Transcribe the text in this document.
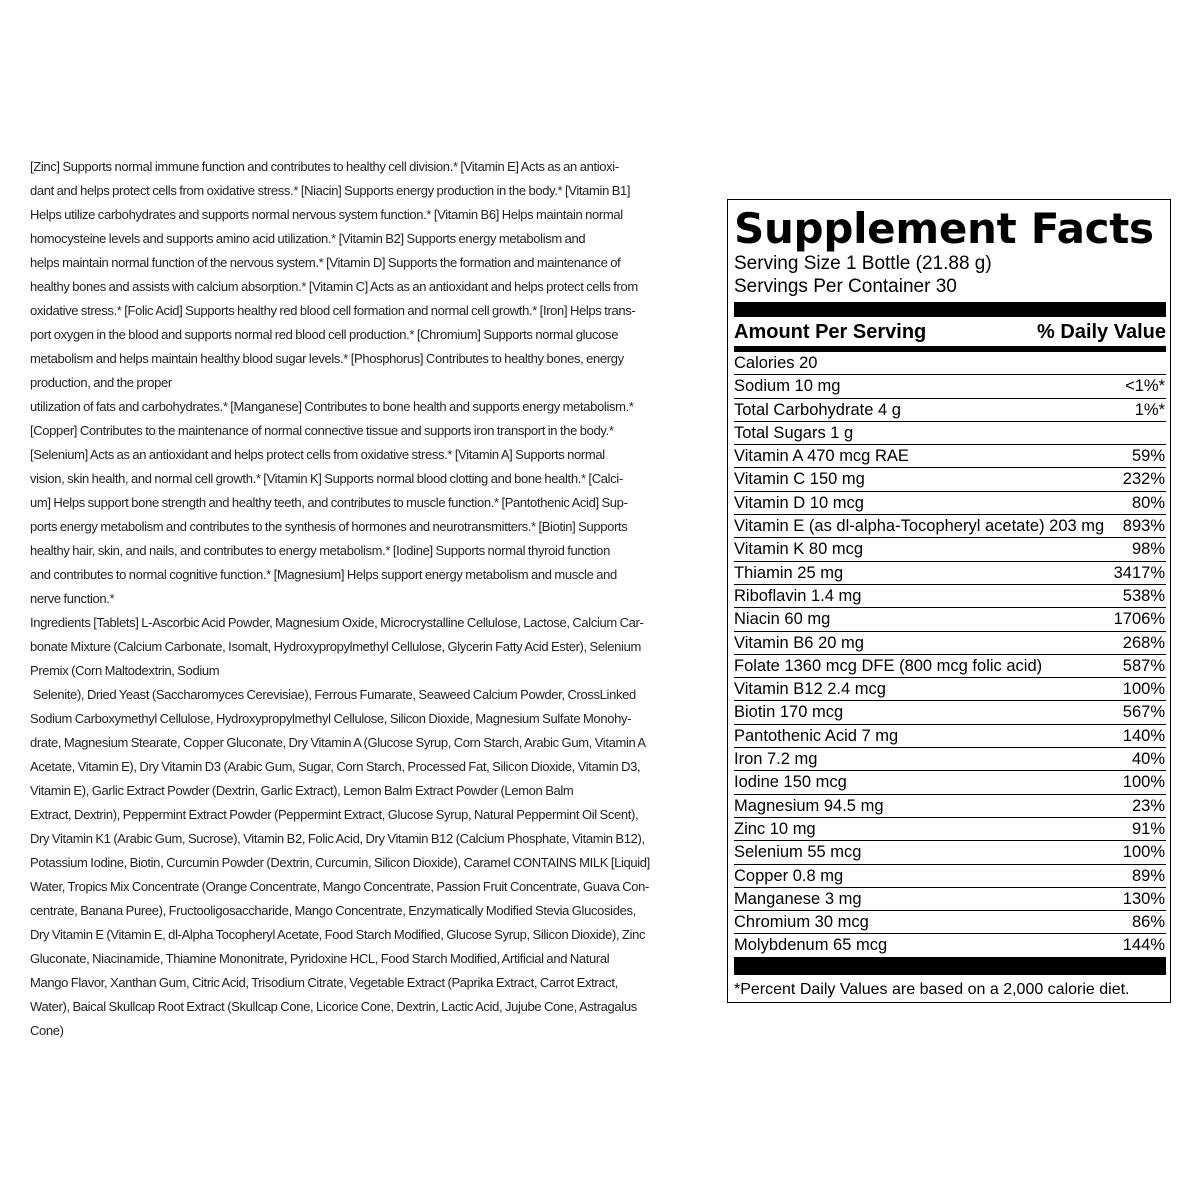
[Zinc] Supports normal immune function and contributes to healthy cell division.* [Vitamin E] Acts as an antioxi-

dant and helps protect cells from oxidative stress.* [Niacin] Supports energy production in the body.* [Vitamin B1]

Helps utilize carbohydrates and supports normal nervous system function.* [Vitamin B6] Helps maintain normal

homocysteine levels and supports amino acid utilization.* [Vitamin B2] Supports energy metabolism and

helps maintain normal function of the nervous system.* [Vitamin D] Supports the formation and maintenance of

healthy bones and assists with calcium absorption.* [Vitamin C] Acts as an antioxidant and helps protect cells from

oxidative stress.* [Folic Acid] Supports healthy red blood cell formation and normal cell growth.* [Iron] Helps trans-

port oxygen in the blood and supports normal red blood cell production.* [Chromium] Supports normal glucose

metabolism and helps maintain healthy blood sugar levels.* [Phosphorus] Contributes to healthy bones, energy

production, and the proper

utilization of fats and carbohydrates.* [Manganese] Contributes to bone health and supports energy metabolism.*

[Copper] Contributes to the maintenance of normal connective tissue and supports iron transport in the body.*

[Selenium] Acts as an antioxidant and helps protect cells from oxidative stress.* [Vitamin A] Supports normal

vision, skin health, and normal cell growth.* [Vitamin K] Supports normal blood clotting and bone health.* [Calci-

um] Helps support bone strength and healthy teeth, and contributes to muscle function.* [Pantothenic Acid] Sup-

ports energy metabolism and contributes to the synthesis of hormones and neurotransmitters.* [Biotin] Supports

healthy hair, skin, and nails, and contributes to energy metabolism.* [Iodine] Supports normal thyroid function

and contributes to normal cognitive function.* [Magnesium] Helps support energy metabolism and muscle and

nerve function.*

Ingredients [Tablets] L-Ascorbic Acid Powder, Magnesium Oxide, Microcrystalline Cellulose, Lactose, Calcium Car-

bonate Mixture (Calcium Carbonate, Isomalt, Hydroxypropylmethyl Cellulose, Glycerin Fatty Acid Ester), Selenium

Premix (Corn Maltodextrin, Sodium

Selenite), Dried Yeast (Saccharomyces Cerevisiae), Ferrous Fumarate, Seaweed Calcium Powder, CrossLinked

Sodium Carboxymethyl Cellulose, Hydroxypropylmethyl Cellulose, Silicon Dioxide, Magnesium Sulfate Monohy-

drate, Magnesium Stearate, Copper Gluconate, Dry Vitamin A (Glucose Syrup, Corn Starch, Arabic Gum, Vitamin A

Acetate, Vitamin E), Dry Vitamin D3 (Arabic Gum, Sugar, Corn Starch, Processed Fat, Silicon Dioxide, Vitamin D3,

Vitamin E), Garlic Extract Powder (Dextrin, Garlic Extract), Lemon Balm Extract Powder (Lemon Balm

Extract, Dextrin), Peppermint Extract Powder (Peppermint Extract, Glucose Syrup, Natural Peppermint Oil Scent),

Dry Vitamin K1 (Arabic Gum, Sucrose), Vitamin B2, Folic Acid, Dry Vitamin B12 (Calcium Phosphate, Vitamin B12),

Potassium Iodine, Biotin, Curcumin Powder (Dextrin, Curcumin, Silicon Dioxide), Caramel CONTAINS MILK [Liquid]

Water, Tropics Mix Concentrate (Orange Concentrate, Mango Concentrate, Passion Fruit Concentrate, Guava Con-

centrate, Banana Puree), Fructooligosaccharide, Mango Concentrate, Enzymatically Modified Stevia Glucosides,

Dry Vitamin E (Vitamin E, dl-Alpha Tocopheryl Acetate, Food Starch Modified, Glucose Syrup, Silicon Dioxide), Zinc

Gluconate, Niacinamide, Thiamine Mononitrate, Pyridoxine HCL, Food Starch Modified, Artificial and Natural

Mango Flavor, Xanthan Gum, Citric Acid, Trisodium Citrate, Vegetable Extract (Paprika Extract, Carrot Extract,

Water), Baical Skullcap Root Extract (Skullcap Cone, Licorice Cone, Dextrin, Lactic Acid, Jujube Cone, Astragalus

Cone)

Supplement Facts
Serving Size 1 Bottle (21.88 g)
Servings Per Container 30
Amount Per Serving	% Daily Value
Calories 20
Sodium 10 mg	<1%*
Total Carbohydrate 4 g	1%*
Total Sugars 1 g
Vitamin A 470 mcg RAE	59%
Vitamin C 150 mg	232%
Vitamin D 10 mcg	80%
Vitamin E (as dl-alpha-Tocopheryl acetate) 203 mg 893%
Vitamin K 80 mcg	98%
Thiamin 25 mg	3417%
Riboflavin 1.4 mg	538%
Niacin 60 mg	1706%
Vitamin B6 20 mg	268%
Folate 1360 mcg DFE (800 mcg folic acid)	587%
Vitamin B12 2.4 mcg	100%
Biotin 170 mcg	567%
Pantothenic Acid 7 mg	140%
Iron 7.2 mg	40%
Iodine 150 mcg	100%
Magnesium 94.5 mg	23%
Zinc 10 mg	91%
Selenium 55 mcg	100%
Copper 0.8 mg	89%
Manganese 3 mg	130%
Chromium 30 mcg	86%
Molybdenum 65 mcg	144%
*Percent Daily Values are based on a 2,000 calorie diet.
